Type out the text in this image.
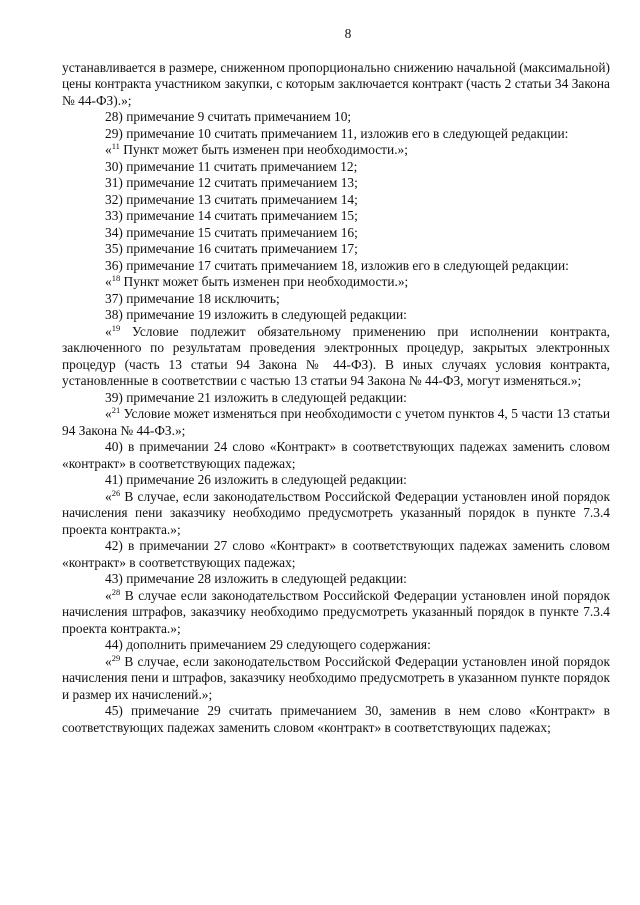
8

устанавливается в размере, сниженном пропорционально снижению начальной (максимальной) цены контракта участником закупки, с которым заключается контракт (часть 2 статьи 34 Закона № 44-ФЗ).»;

28) примечание 9 считать примечанием 10;

29) примечание 10 считать примечанием 11, изложив его в следующей редакции:

«$^{11}$ Пункт может быть изменен при необходимости.»;

30) примечание 11 считать примечанием 12;

31) примечание 12 считать примечанием 13;

32) примечание 13 считать примечанием 14;

33) примечание 14 считать примечанием 15;

34) примечание 15 считать примечанием 16;

35) примечание 16 считать примечанием 17;

36) примечание 17 считать примечанием 18, изложив его в следующей редакции:

«$^{18}$ Пункт может быть изменен при необходимости.»;

37) примечание 18 исключить;

38) примечание 19 изложить в следующей редакции:

«$^{19}$ Условие подлежит обязательному применению при исполнении контракта, заключенного по результатам проведения электронных процедур, закрытых электронных процедур (часть 13 статьи 94 Закона № 44-ФЗ). В иных случаях условия контракта, установленные в соответствии с частью 13 статьи 94 Закона № 44-ФЗ, могут изменяться.»;

39) примечание 21 изложить в следующей редакции:

«$^{21}$ Условие может изменяться при необходимости с учетом пунктов 4, 5 части 13 статьи 94 Закона № 44-ФЗ.»;

40) в примечании 24 слово «Контракт» в соответствующих падежах заменить словом «контракт» в соответствующих падежах;

41) примечание 26 изложить в следующей редакции:

«$^{26}$ В случае, если законодательством Российской Федерации установлен иной порядок начисления пени заказчику необходимо предусмотреть указанный порядок в пункте 7.3.4 проекта контракта.»;

42) в примечании 27 слово «Контракт» в соответствующих падежах заменить словом «контракт» в соответствующих падежах;

43) примечание 28 изложить в следующей редакции:

«$^{28}$ В случае если законодательством Российской Федерации установлен иной порядок начисления штрафов, заказчику необходимо предусмотреть указанный порядок в пункте 7.3.4 проекта контракта.»;

44) дополнить примечанием 29 следующего содержания:

«$^{29}$ В случае, если законодательством Российской Федерации установлен иной порядок начисления пени и штрафов, заказчику необходимо предусмотреть в указанном пункте порядок и размер их начислений.»;

45) примечание 29 считать примечанием 30, заменив в нем слово «Контракт» в соответствующих падежах заменить словом «контракт» в соответствующих падежах;
